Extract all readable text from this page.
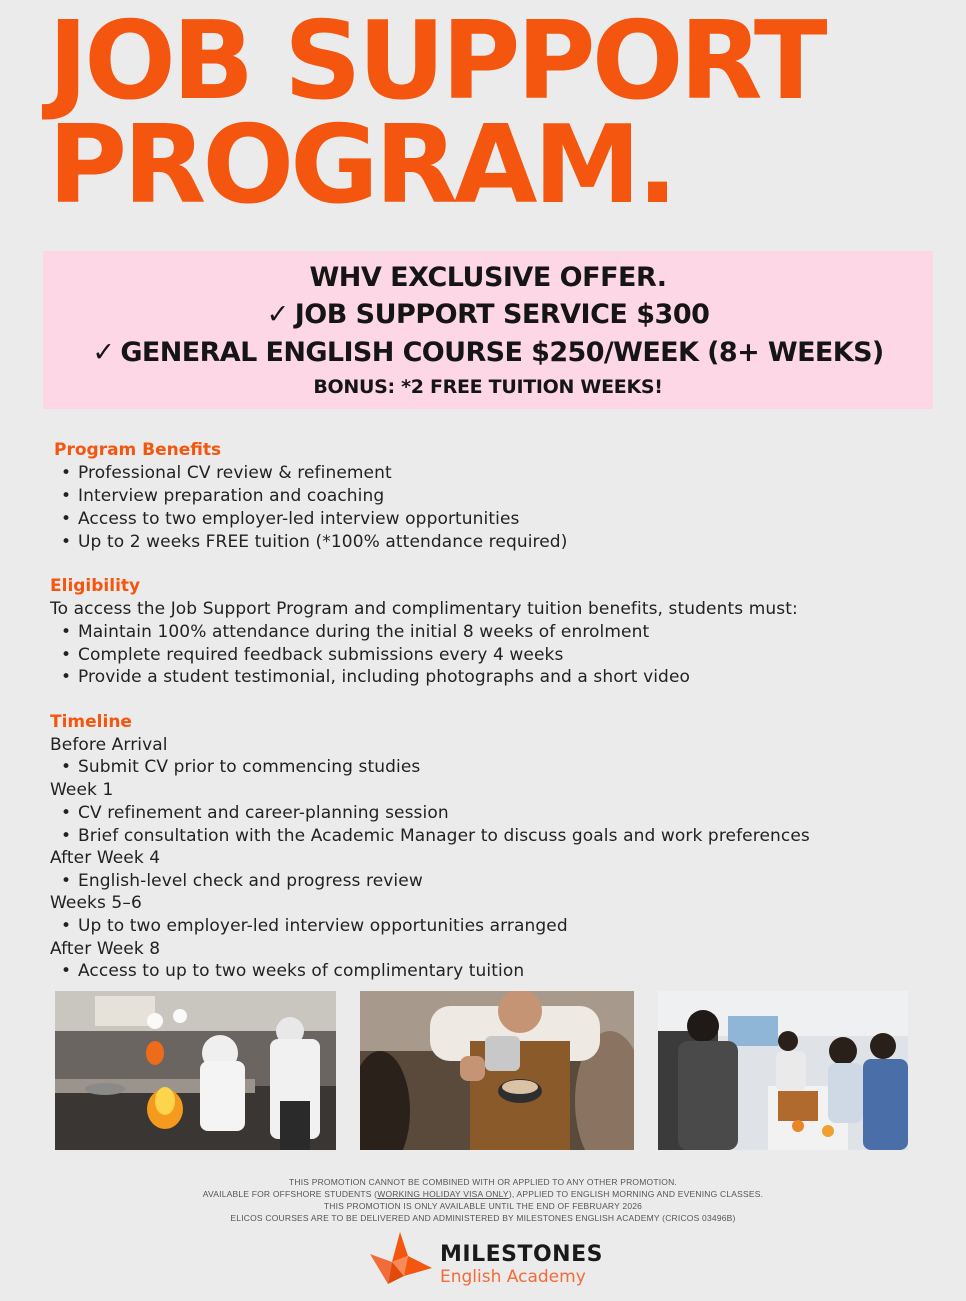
JOB SUPPORT
PROGRAM.
WHV EXCLUSIVE OFFER.
✓ JOB SUPPORT SERVICE $300
✓ GENERAL ENGLISH COURSE $250/WEEK (8+ WEEKS)
BONUS: *2 FREE TUITION WEEKS!
Program Benefits
• Professional CV review & refinement
• Interview preparation and coaching
• Access to two employer-led interview opportunities
• Up to 2 weeks FREE tuition (*100% attendance required)
Eligibility
To access the Job Support Program and complimentary tuition benefits, students must:
• Maintain 100% attendance during the initial 8 weeks of enrolment
• Complete required feedback submissions every 4 weeks
• Provide a student testimonial, including photographs and a short video
Timeline
Before Arrival
• Submit CV prior to commencing studies
Week 1
• CV refinement and career-planning session
• Brief consultation with the Academic Manager to discuss goals and work preferences
After Week 4
• English-level check and progress review
Weeks 5–6
• Up to two employer-led interview opportunities arranged
After Week 8
• Access to up to two weeks of complimentary tuition
THIS PROMOTION CANNOT BE COMBINED WITH OR APPLIED TO ANY OTHER PROMOTION.
AVAILABLE FOR OFFSHORE STUDENTS (WORKING HOLIDAY VISA ONLY), APPLIED TO ENGLISH MORNING AND EVENING CLASSES.
THIS PROMOTION IS ONLY AVAILABLE UNTIL THE END OF FEBRUARY 2026
ELICOS COURSES ARE TO BE DELIVERED AND ADMINISTERED BY MILESTONES ENGLISH ACADEMY (CRICOS 03496B)
MILESTONES
English Academy
